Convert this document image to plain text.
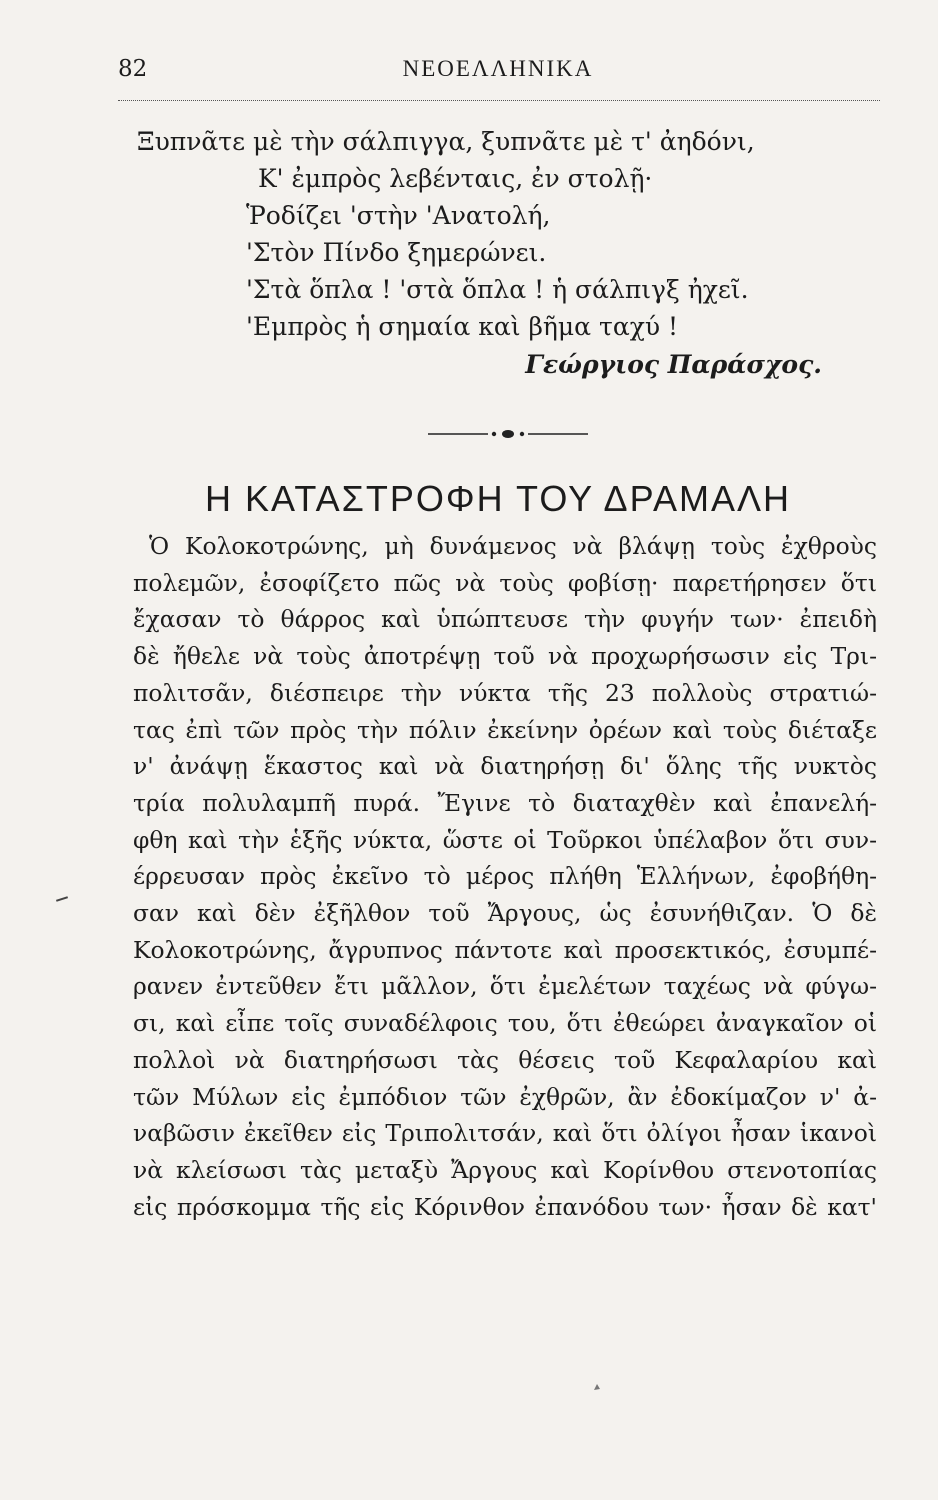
82	ΝΕΟΕΛΛΗΝΙΚΑ
Ξυπνᾶτε μὲ τὴν σάλπιγγα, ξυπνᾶτε μὲ τ' ἀηδόνι,
Κ' ἐμπρὸς λεβένταις, ἐν στολῇ·
Ῥοδίζει 'στὴν 'Ανατολή,
'Στὸν Πίνδο ξημερώνει.
'Στὰ ὅπλα ! 'στὰ ὅπλα ! ἡ σάλπιγξ ἠχεῖ.
'Εμπρὸς ἡ σημαία καὶ βῆμα ταχύ !
Γεώργιος Παράσχος.
Η ΚΑΤΑΣΤΡΟΦΗ ΤΟΥ ΔΡΑΜΑΛΗ
Ὁ Κολοκοτρώνης, μὴ δυνάμενος νὰ βλάψῃ τοὺς ἐχθροὺς
πολεμῶν, ἐσοφίζετο πῶς νὰ τοὺς φοβίσῃ· παρετήρησεν ὅτι
ἔχασαν τὸ θάρρος καὶ ὑπώπτευσε τὴν φυγήν των· ἐπειδὴ
δὲ ἤθελε νὰ τοὺς ἀποτρέψῃ τοῦ νὰ προχωρήσωσιν εἰς Τρι-
πολιτσᾶν, διέσπειρε τὴν νύκτα τῆς 23 πολλοὺς στρατιώ-
τας ἐπὶ τῶν πρὸς τὴν πόλιν ἐκείνην ὀρέων καὶ τοὺς διέταξε
ν' ἀνάψῃ ἕκαστος καὶ νὰ διατηρήσῃ δι' ὅλης τῆς νυκτὸς
τρία πολυλαμπῆ πυρά. Ἔγινε τὸ διαταχθὲν καὶ ἐπανελή-
φθη καὶ τὴν ἑξῆς νύκτα, ὥστε οἱ Τοῦρκοι ὑπέλαβον ὅτι συν-
έρρευσαν πρὸς ἐκεῖνο τὸ μέρος πλήθη Ἑλλήνων, ἐφοβήθη-
σαν καὶ δὲν ἐξῆλθον τοῦ Ἄργους, ὡς ἐσυνήθιζαν. Ὁ δὲ
Κολοκοτρώνης, ἄγρυπνος πάντοτε καὶ προσεκτικός, ἐσυμπέ-
ρανεν ἐντεῦθεν ἔτι μᾶλλον, ὅτι ἐμελέτων ταχέως νὰ φύγω-
σι, καὶ εἶπε τοῖς συναδέλφοις του, ὅτι ἐθεώρει ἀναγκαῖον οἱ
πολλοὶ νὰ διατηρήσωσι τὰς θέσεις τοῦ Κεφαλαρίου καὶ
τῶν Μύλων εἰς ἐμπόδιον τῶν ἐχθρῶν, ἂν ἐδοκίμαζον ν' ἀ-
ναβῶσιν ἐκεῖθεν εἰς Τριπολιτσάν, καὶ ὅτι ὀλίγοι ἦσαν ἱκανοὶ
νὰ κλείσωσι τὰς μεταξὺ Ἄργους καὶ Κορίνθου στενοτοπίας
εἰς πρόσκομμα τῆς εἰς Κόρινθον ἐπανόδου των· ἦσαν δὲ κατ'
